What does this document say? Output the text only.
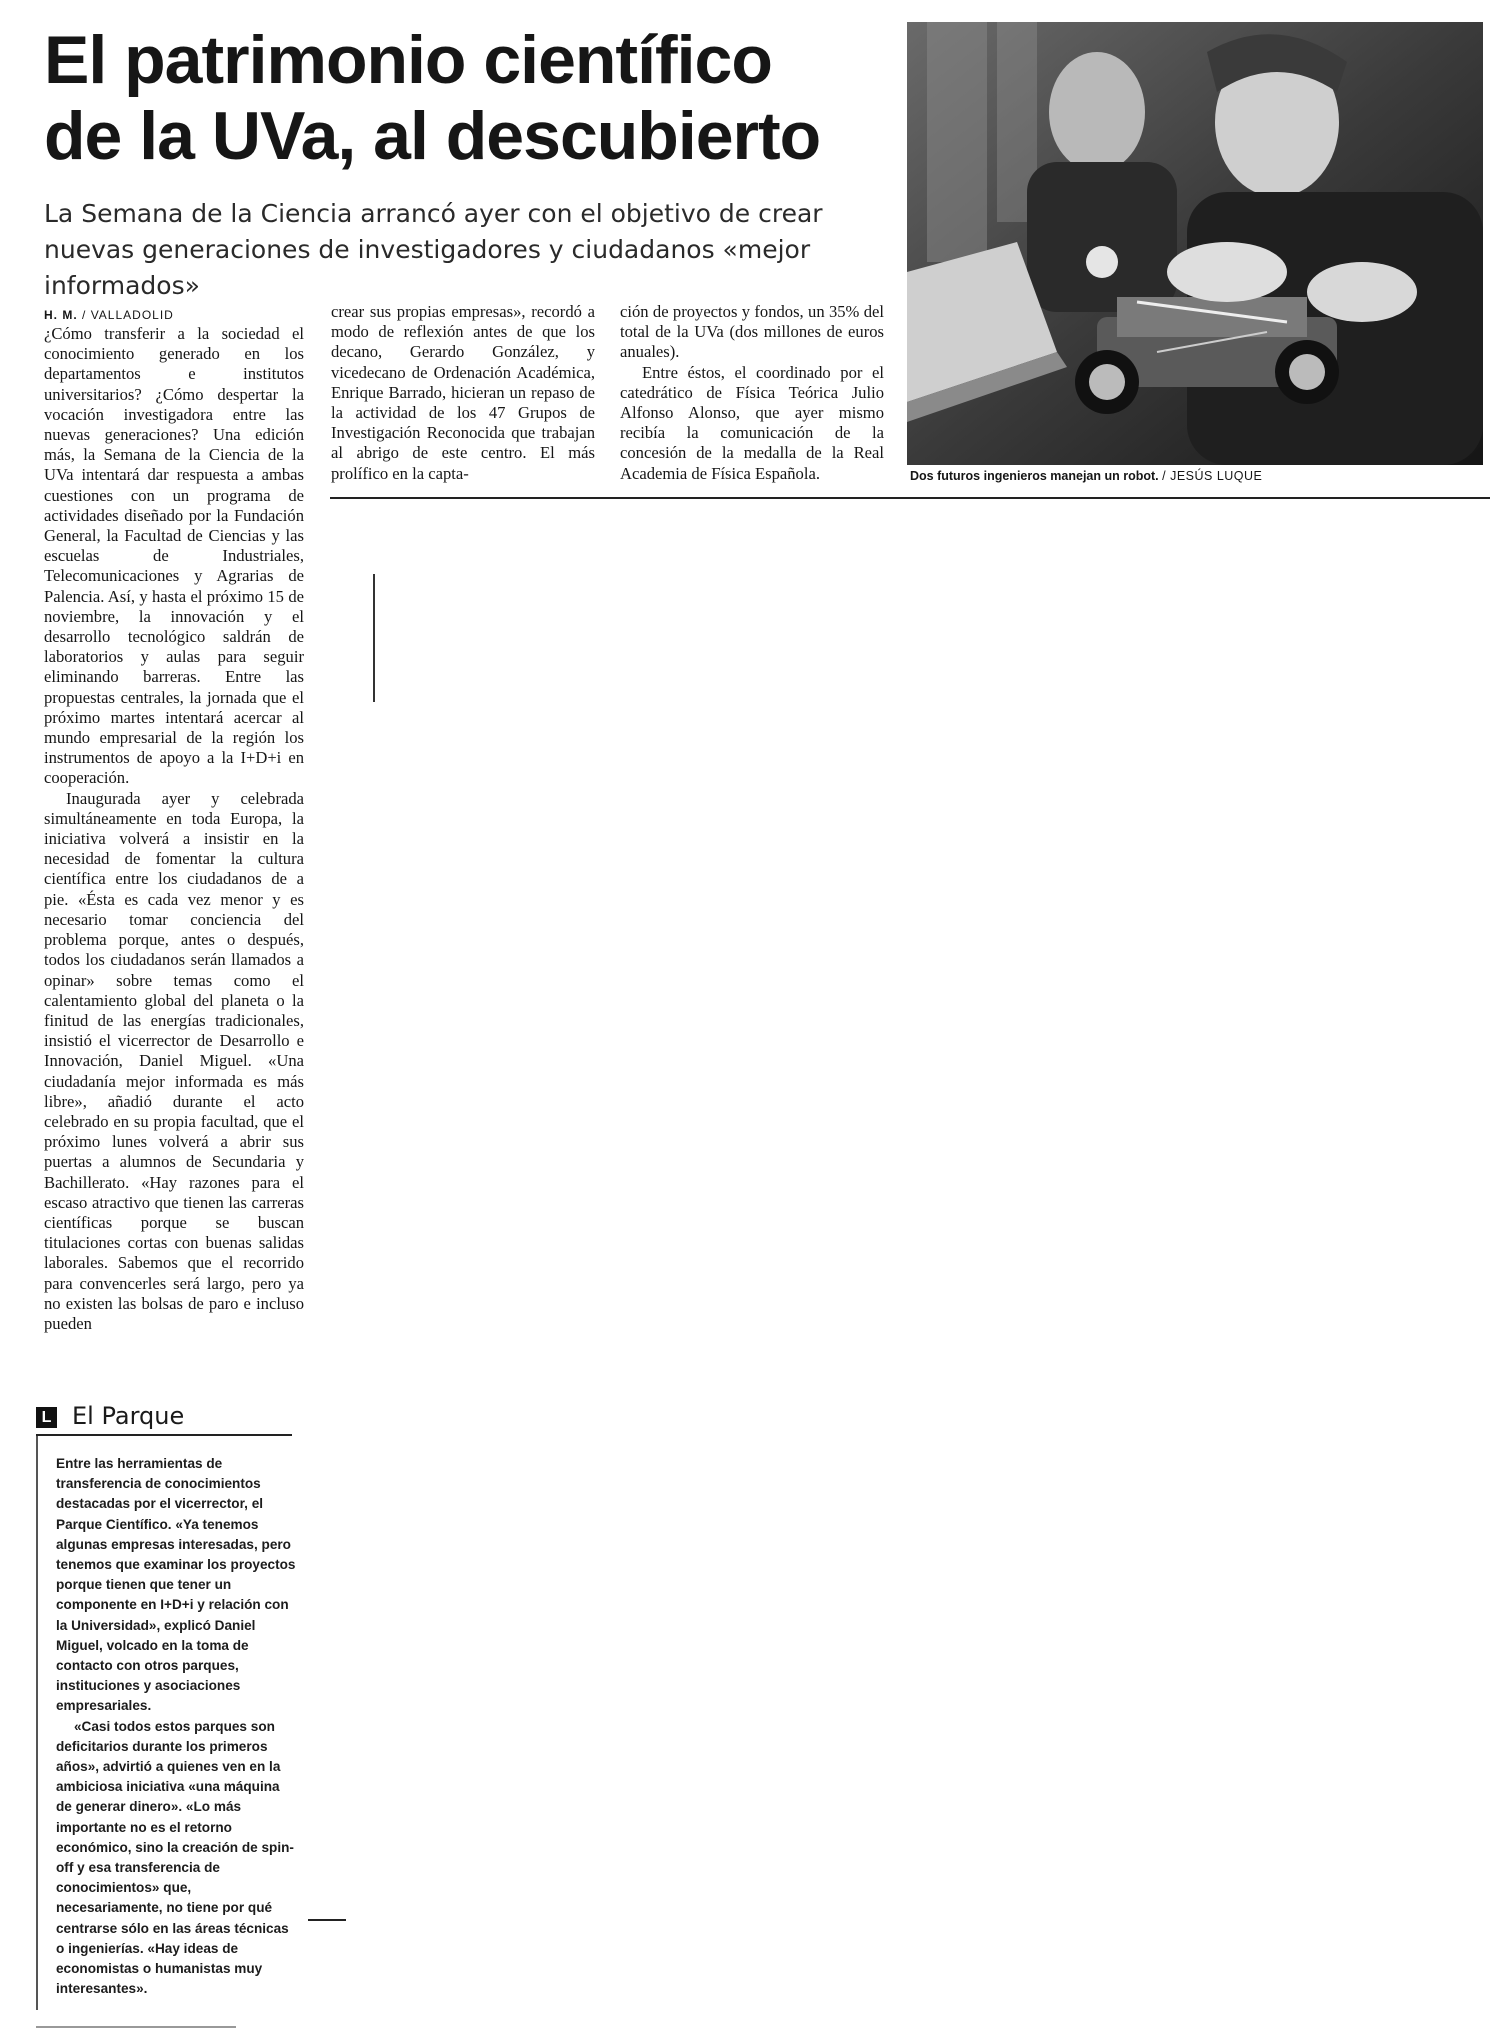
El patrimonio científico
de la UVa, al descubierto

La Semana de la Ciencia arrancó ayer con el objetivo de crear nuevas generaciones de investigadores y ciudadanos «mejor informados»

H. M. / VALLADOLID

¿Cómo transferir a la sociedad el conocimiento generado en los departamentos e institutos universitarios? ¿Cómo despertar la vocación investigadora entre las nuevas generaciones? Una edición más, la Semana de la Ciencia de la UVa intentará dar respuesta a ambas cuestiones con un programa de actividades diseñado por la Fundación General, la Facultad de Ciencias y las escuelas de Industriales, Telecomunicaciones y Agrarias de Palencia. Así, y hasta el próximo 15 de noviembre, la innovación y el desarrollo tecnológico saldrán de laboratorios y aulas para seguir eliminando barreras. Entre las propuestas centrales, la jornada que el próximo martes intentará acercar al mundo empresarial de la región los instrumentos de apoyo a la I+D+i en cooperación.

Inaugurada ayer y celebrada simultáneamente en toda Europa, la iniciativa volverá a insistir en la necesidad de fomentar la cultura científica entre los ciudadanos de a pie. «Ésta es cada vez menor y es necesario tomar conciencia del problema porque, antes o después, todos los ciudadanos serán llamados a opinar» sobre temas como el calentamiento global del planeta o la finitud de las energías tradicionales, insistió el vicerrector de Desarrollo e Innovación, Daniel Miguel. «Una ciudadanía mejor informada es más libre», añadió durante el acto celebrado en su propia facultad, que el próximo lunes volverá a abrir sus puertas a alumnos de Secundaria y Bachillerato. «Hay razones para el escaso atractivo que tienen las carreras científicas porque se buscan titulaciones cortas con buenas salidas laborales. Sabemos que el recorrido para convencerles será largo, pero ya no existen las bolsas de paro e incluso pueden

crear sus propias empresas», recordó a modo de reflexión antes de que los decano, Gerardo González, y vicedecano de Ordenación Académica, Enrique Barrado, hicieran un repaso de la actividad de los 47 Grupos de Investigación Reconocida que trabajan al abrigo de este centro. El más prolífico en la capta-

ción de proyectos y fondos, un 35% del total de la UVa (dos millones de euros anuales).

Entre éstos, el coordinado por el catedrático de Física Teórica Julio Alfonso Alonso, que ayer mismo recibía la comunicación de la concesión de la medalla de la Real Academia de Física Española.	Dos futuros ingenieros manejan un robot. / JESÚS LUQUE
L El Parque

Entre las herramientas de transferencia de conocimientos destacadas por el vicerrector, el Parque Científico. «Ya tenemos algunas empresas interesadas, pero tenemos que examinar los proyectos porque tienen que tener un componente en I+D+i y relación con la Universidad», explicó Daniel Miguel, volcado en la toma de contacto con otros parques, instituciones y asociaciones empresariales.

«Casi todos estos parques son deficitarios durante los primeros años», advirtió a quienes ven en la ambiciosa iniciativa «una máquina de generar dinero». «Lo más importante no es el retorno económico, sino la creación de spin-off y esa transferencia de conocimientos» que, necesariamente, no tiene por qué centrarse sólo en las áreas técnicas o ingenierías. «Hay ideas de economistas o humanistas muy interesantes».
